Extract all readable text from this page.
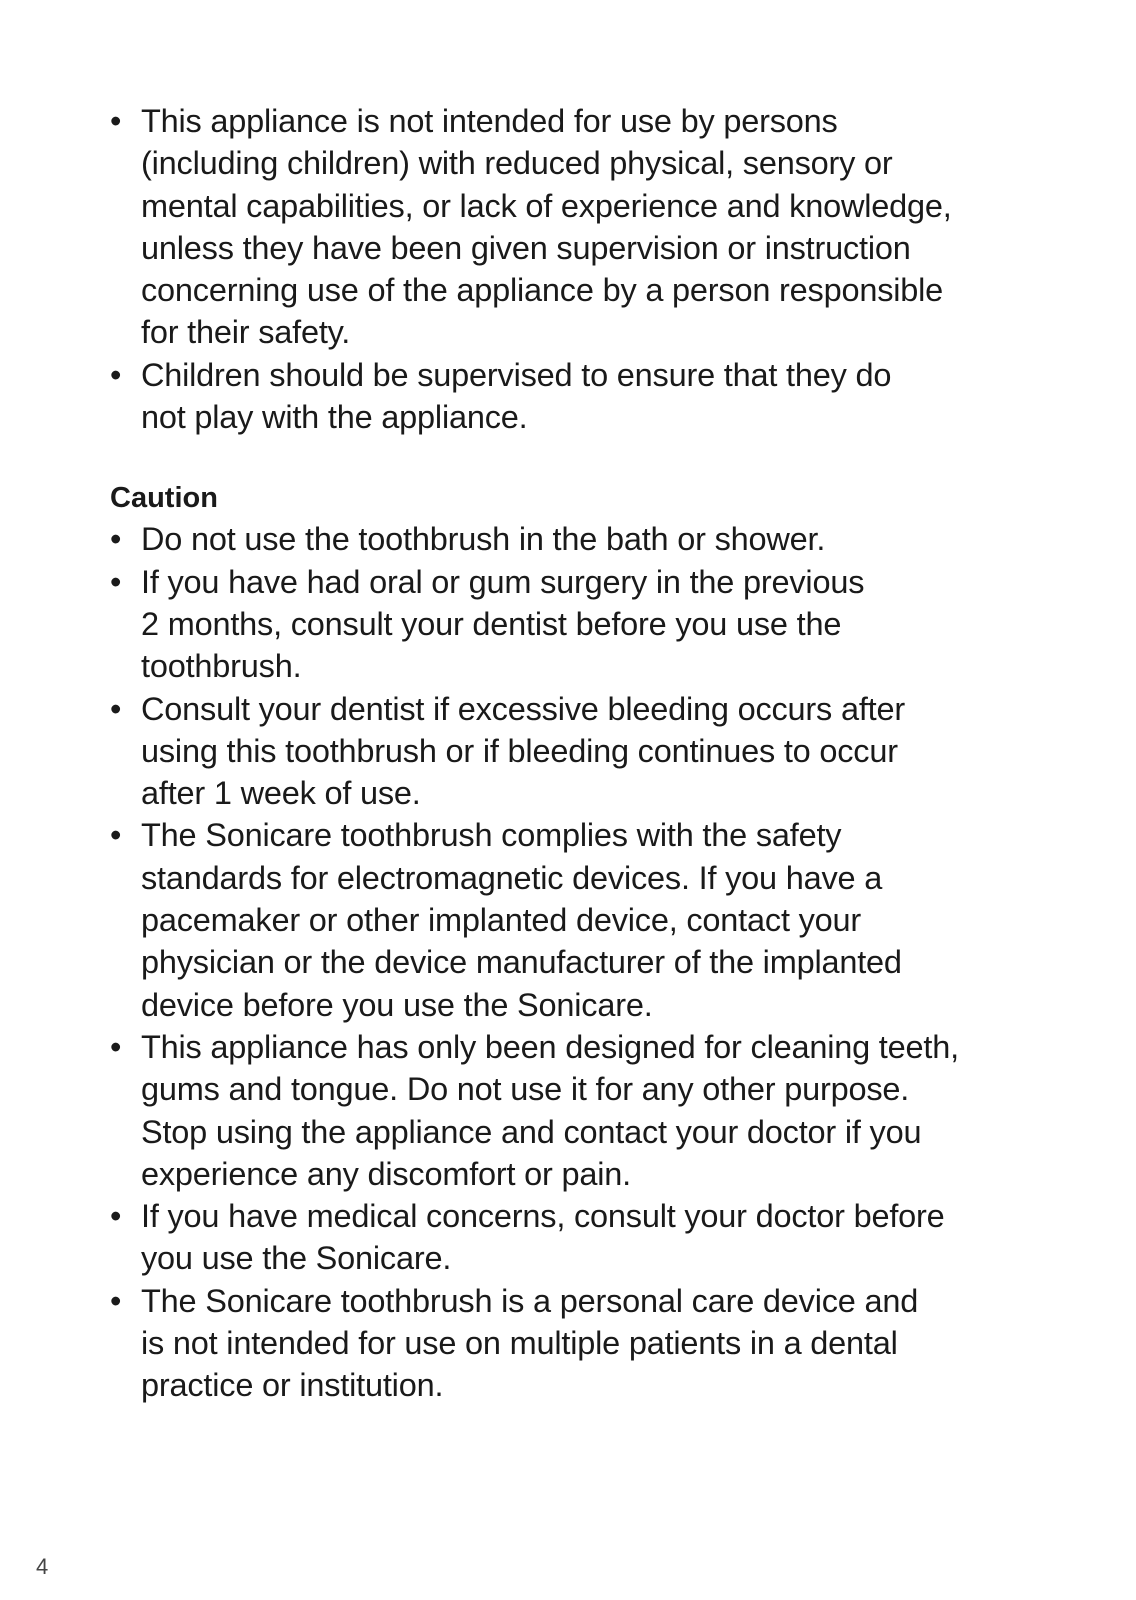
• This appliance is not intended for use by persons
(including children) with reduced physical, sensory or
mental capabilities, or lack of experience and knowledge,
unless they have been given supervision or instruction
concerning use of the appliance by a person responsible
for their safety.
• Children should be supervised to ensure that they do
not play with the appliance.
Caution
• Do not use the toothbrush in the bath or shower.
• If you have had oral or gum surgery in the previous
2 months, consult your dentist before you use the
toothbrush.
• Consult your dentist if excessive bleeding occurs after
using this toothbrush or if bleeding continues to occur
after 1 week of use.
• The Sonicare toothbrush complies with the safety
standards for electromagnetic devices. If you have a
pacemaker or other implanted device, contact your
physician or the device manufacturer of the implanted
device before you use the Sonicare.
• This appliance has only been designed for cleaning teeth,
gums and tongue. Do not use it for any other purpose.
Stop using the appliance and contact your doctor if you
experience any discomfort or pain.
• If you have medical concerns, consult your doctor before
you use the Sonicare.
• The Sonicare toothbrush is a personal care device and
is not intended for use on multiple patients in a dental
practice or institution.
4
